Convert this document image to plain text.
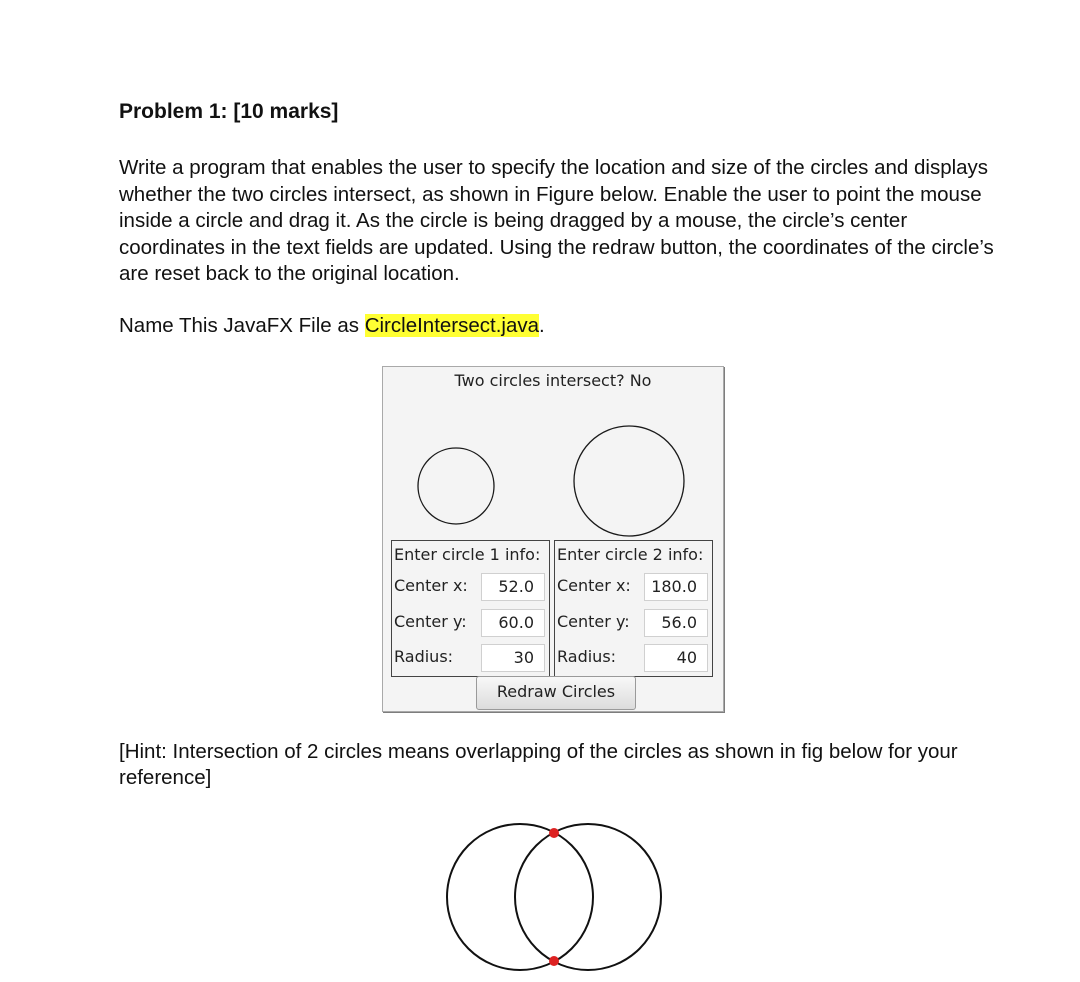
Problem 1: [10 marks]

Write a program that enables the user to specify the location and size of the circles and displays whether the two circles intersect, as shown in Figure below. Enable the user to point the mouse inside a circle and drag it. As the circle is being dragged by a mouse, the circle’s center coordinates in the text fields are updated. Using the redraw button, the coordinates of the circle’s are reset back to the original location.

Name This JavaFX File as CircleIntersect.java.

Two circles intersect? No
Enter circle 1 info:
Center x:	52.0
Center y:	60.0
Radius:	30
Enter circle 2 info:
Center x:	180.0
Center y:	56.0
Radius:	40
Redraw Circles

[Hint: Intersection of 2 circles means overlapping of the circles as shown in fig below for your reference]
